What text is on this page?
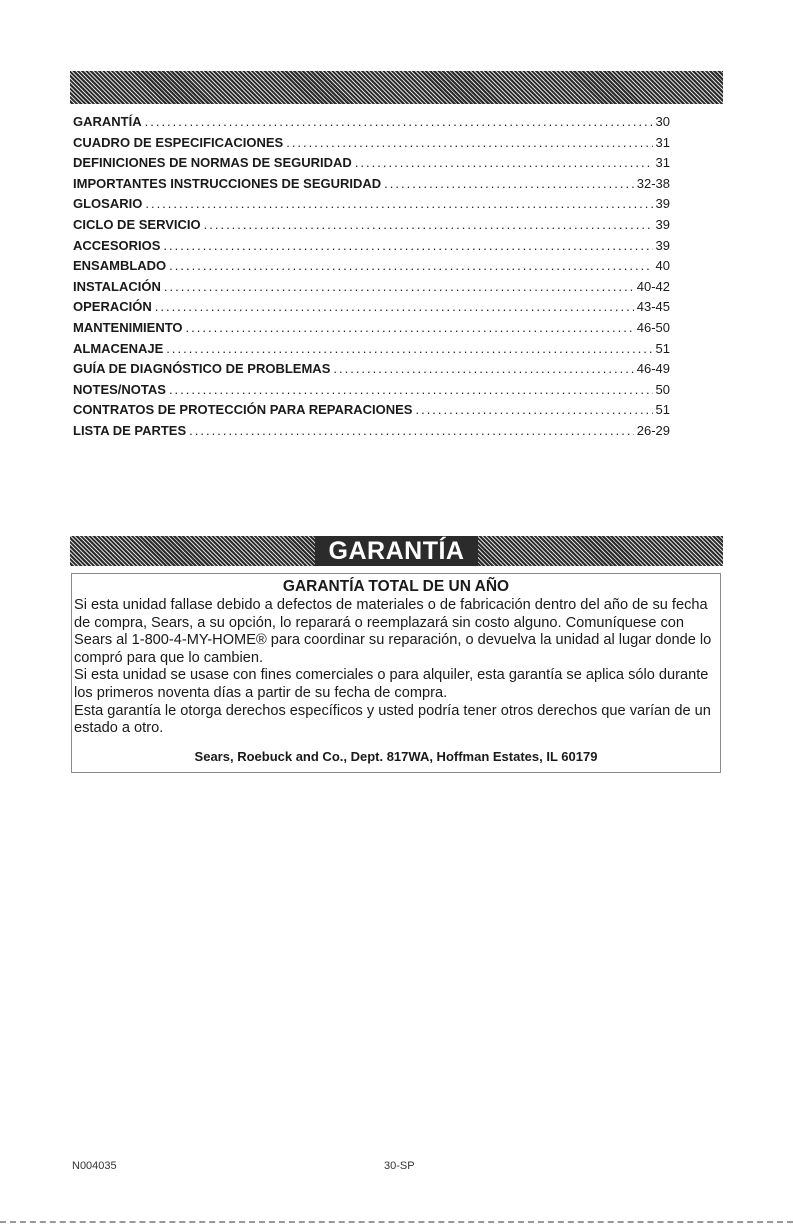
GARANTÍA .....	30
CUADRO DE ESPECIFICACIONES .....	31
DEFINICIONES DE NORMAS DE SEGURIDAD .....	31
IMPORTANTES INSTRUCCIONES DE SEGURIDAD .....	32-38
GLOSARIO .....	39
CICLO DE SERVICIO .....	39
ACCESORIOS .....	39
ENSAMBLADO .....	40
INSTALACIÓN .....	40-42
OPERACIÓN .....	43-45
MANTENIMIENTO .....	46-50
ALMACENAJE .....	51
GUÍA DE DIAGNÓSTICO DE PROBLEMAS .....	46-49
NOTES/NOTAS .....	50
CONTRATOS DE PROTECCIÓN PARA REPARACIONES .....	51
LISTA DE PARTES .....	26-29
GARANTÍA
GARANTÍA TOTAL DE UN AÑO

Si esta unidad fallase debido a defectos de materiales o de fabricación dentro del año de su fecha de compra, Sears, a su opción, lo reparará o reemplazará sin costo alguno. Comuníquese con Sears al 1-800-4-MY-HOME® para coordinar su reparación, o devuelva la unidad al lugar donde lo compró para que lo cambien.

Si esta unidad se usase con fines comerciales o para alquiler, esta garantía se aplica sólo durante los primeros noventa días a partir de su fecha de compra.

Esta garantía le otorga derechos específicos y usted podría tener otros derechos que varían de un estado a otro.

Sears, Roebuck and Co., Dept. 817WA, Hoffman Estates, IL 60179
N004035	30-SP
